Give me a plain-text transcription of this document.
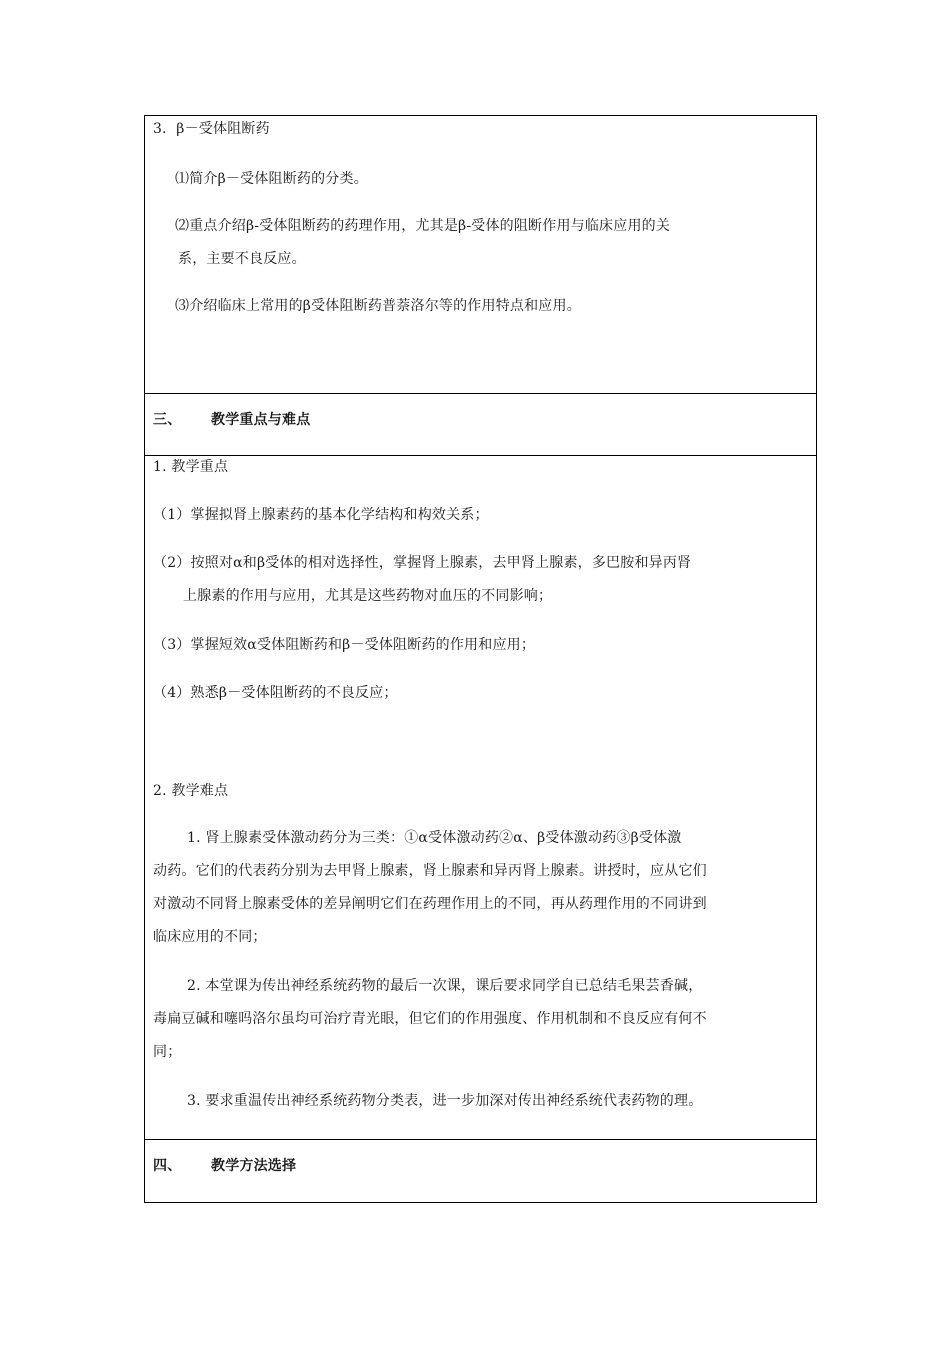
3．β－受体阻断药
⑴简介β－受体阻断药的分类。
⑵重点介绍β-受体阻断药的药理作用，尤其是β-受体的阻断作用与临床应用的关
系，主要不良反应。
⑶介绍临床上常用的β受体阻断药普萘洛尔等的作用特点和应用。
三、 教学重点与难点
1. 教学重点
（1）掌握拟肾上腺素药的基本化学结构和构效关系；
（2）按照对α和β受体的相对选择性，掌握肾上腺素，去甲肾上腺素，多巴胺和异丙肾
上腺素的作用与应用，尤其是这些药物对血压的不同影响；
（3）掌握短效α受体阻断药和β－受体阻断药的作用和应用；
（4）熟悉β－受体阻断药的不良反应；
2. 教学难点
1. 肾上腺素受体激动药分为三类：①α受体激动药②α、β受体激动药③β受体激
动药。它们的代表药分别为去甲肾上腺素，肾上腺素和异丙肾上腺素。讲授时，应从它们
对激动不同肾上腺素受体的差异阐明它们在药理作用上的不同，再从药理作用的不同讲到
临床应用的不同；
2. 本堂课为传出神经系统药物的最后一次课，课后要求同学自已总结毛果芸香碱，
毒扁豆碱和噻吗洛尔虽均可治疗青光眼，但它们的作用强度、作用机制和不良反应有何不
同；
3. 要求重温传出神经系统药物分类表，进一步加深对传出神经系统代表药物的理。
四、 教学方法选择
